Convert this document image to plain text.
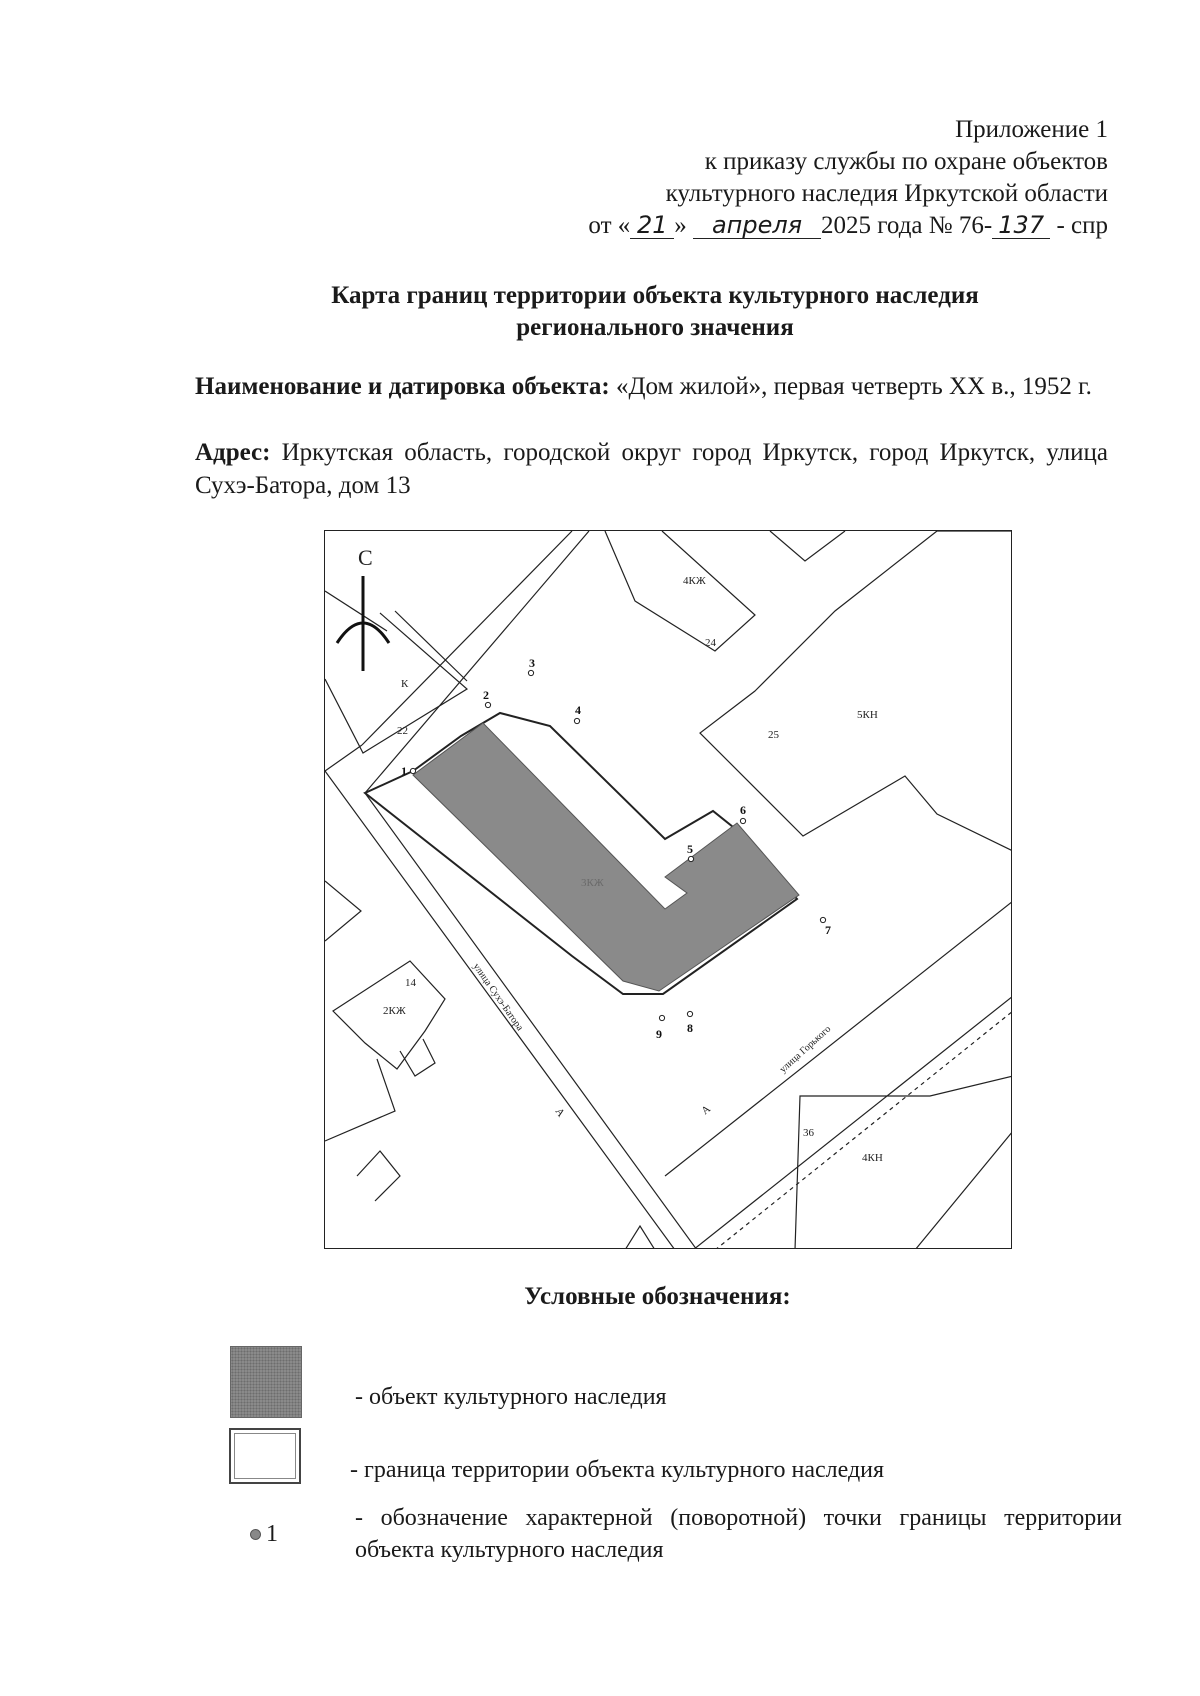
Приложение 1
к приказу службы по охране объектов
культурного наследия Иркутской области
от « 21 » апреля 2025 года № 76- 137 - спр
Карта границ территории объекта культурного наследия
регионального значения
Наименование и датировка объекта: «Дом жилой», первая четверть XX в., 1952 г.
Адрес: Иркутская область, городской округ город Иркутск, город Иркутск, улица Сухэ-Батора, дом 13
С
К
22
4КЖ
24
5КН
25
14
2КЖ
36
4КН
3КЖ
А	А
улица Сухэ-Батора
улица Горького
1
2
3
4
5
6
7
8
9
Условные обозначения:
- объект культурного наследия
- граница территории объекта культурного наследия
1
- обозначение характерной (поворотной) точки границы территории объекта культурного наследия
